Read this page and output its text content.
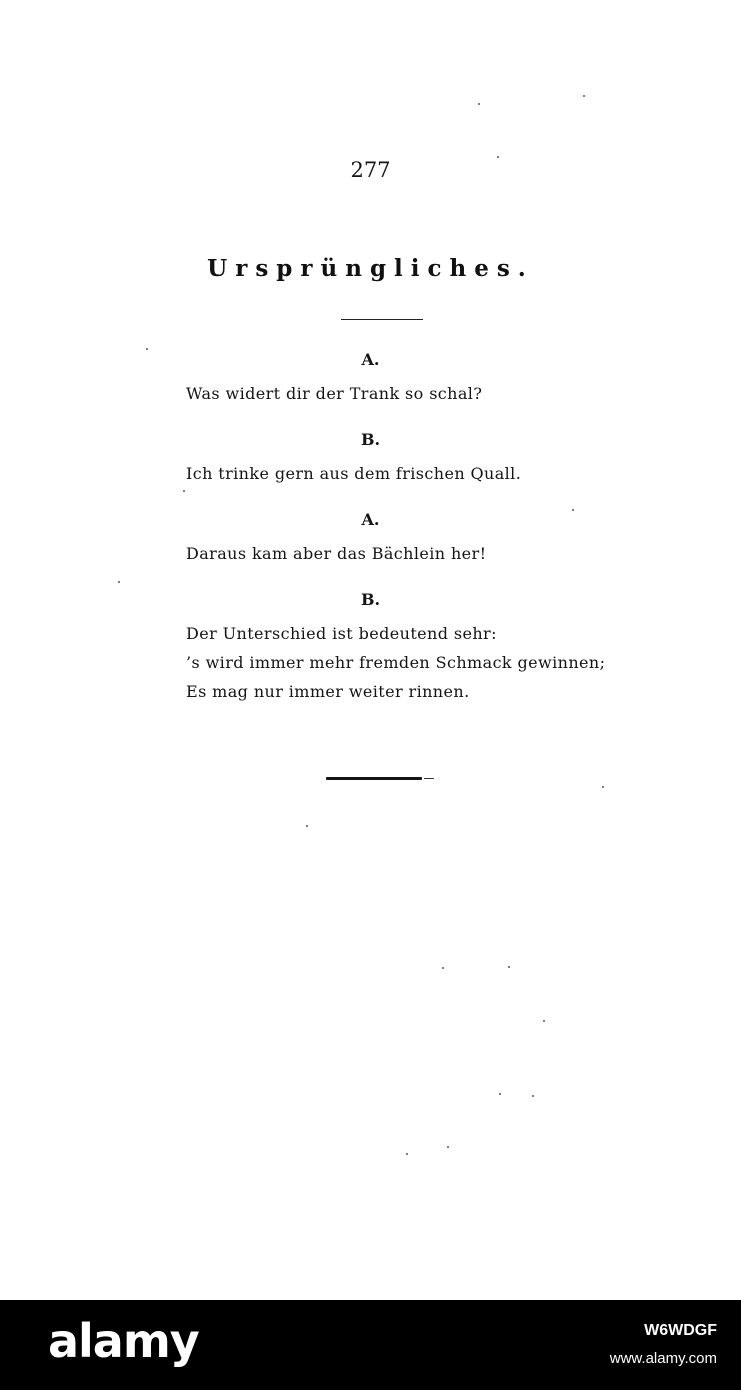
277
Ursprüngliches.
A.
Was widert dir der Trank so schal?
B.
Ich trinke gern aus dem frischen Quall.
A.
Daraus kam aber das Bächlein her!
B.
Der Unterschied ist bedeutend sehr:
’s wird immer mehr fremden Schmack gewinnen;
Es mag nur immer weiter rinnen.
alamy	W6WDGF
www.alamy.com
